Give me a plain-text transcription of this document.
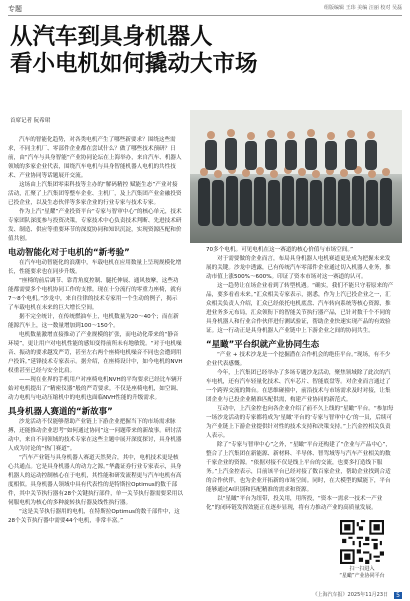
专题	组版编辑 王玮 美编 汪丽 校对 吴磊
从汽车到具身机器人
看小电机如何撬动大市场
首席记者 阮希珺

汽车的智能化趋势，对各类电机产生了哪些新要求？围绕这些需求，不同主机厂、零部件企业都在尝试什么？做了哪些技术预研？日前，由“汽车与具身智能”产业协同论坛在上海举办，来自汽车、机器人领域的多家企业代表，围绕汽车电机与具身智能机器人电机的共性技术、产业协同等话题展开交流。

这场由上汽集团零束科技等主办的“解码精控 赋能生态”产业对接活动，汇聚了上汽集团等整车企业、主机厂，及上汽集团产业金融投资已投企业，以及生态伙伴等多家企业的行业专家与技术专家。

作为上汽“星耀”产业投资平台“专家与智审中心”的核心单元，技术专家团队深度参与投资决策，专家技术中心负责技术判断、先进技术研发、制造、供应等重要环节的深度协同和知识沉淀，实现资源匹配和价值共创。

电动智能化对于电机的“新考验”

在汽车电动智能化的浪潮中，车载电机在应用数量上呈现规模化增长，性能要求也在同步升级。

“座椅的前后调节、靠背角度控制、腿托伸展、通风按摩，这些功能都需要多个电机协同工作的支撑。现在十分流行的零重力座椅，就有7～8个电机。”沙龙中，来自往律的技术专家用一个生动的例子，揭示了车载电机在未来的巨大增长空间。

据不完全统计，在传统燃油车上，电机数量为20～40个；而在新能源汽车上，这一数量增加到100～150个。

电机数量激增直接推动了产业规模的扩张，而电动化带来的“静音环境”，更让用户对电机性能的感知变得前所未有地敏锐。“对于电机噪音、振动的要求越发严苛，甚至左右两个座椅电机噪音不同也会遭到用户投诉。”延锋技术专家表示。据介绍，在座椅设计中，如今电机的NVH权重甚至已经与安全比肩。

——现在业界的手机用户对座椅电机NVH的平均要求已经比车辆开始对电机提出了“精密仪器”般的严苛要求。不仅是座椅电机，如空调、动力电机与电动压缩机中的电机也面临NVH性能的升级需求。

具身机器人赛道的“新故事”

沙龙活动不仅能够帮助产业链上下游企业把握当下的市场需求脉搏，还能推动企业思考“如何通过协同”这一问题带来的新故事。研讨活动中，来自不同领域的技术专家在这些主题中展开深度探讨，具身机器人成为讨论的“热门赛道”。

“汽车产业链与具身机器人赛道天然契合，其中，电机技术更是核心共通点。它是具身机器人的动力之源。”华鑫证券行业专家表示，具身机器人的运动控制核心在于电机，其性能和研发流程更与汽车电机有高度相似。具身机器人领域中具有代表性的是特斯拉Optimus的数千部件，其中关节执行器有28个关键执行部件，单一关节执行器需要采用以伺服电机为核心的多种旋转执行器及线性执行器。

“这是关节执行器用的电机，在特斯拉Optimus的数千部件中，这28个关节执行器中需要44个电机，非常丰富。”

70多个电机。可见电机在这一赛道的核心价值与市场空间。”

对于需要做的企业而言，布局具身机器人电机赛道更是成为把握未来发展的关键。沙龙中透露，已有传统汽车零部件企业通过切入机器人业务，推动市值上涨500%～600%。印证了资本市场对这一赛道的认可。

这一趋势让在场企业看到了转型机遇。“确实，我们不能只守着原来的产品，要多看看未来。”汇众相关专家表示，据悉，作为上汽已投企业之一，汇众相关负责人介绍，汇众已经依托电机底盘、汽车转向系统等核心资源，推进业务多元布局，汇众领衔下的智能关节执行器产品，已针对数千个不同的具身机器人和行业合作伙伴进行测试验证，帮助企业快速实现产品的有效验证。这一行动正是具身机器人产业链中上下游企业之间的协同共生。

“星瞰”平台织就产业协同生态

“产业 + 技术沙龙是一个挖掘潜在合作机会的绝佳平台。”现场，有不少企业代表感慨。

今年，上汽集团已经举办了多场专题沙龙活动，聚焦领域除了此次的汽车电机，还有汽车轻量化技术、汽车芯片、智能底盘等。对企业而言通过了一个跨界交流的舞台。在思维碰撞中，前沿技术与市场需求及时对接，让集团企业与已投企业精准匹配供需，构建产业协同的新范式。

互动中，上汽金控也向各企业介绍了前不久上线的“星瞰”平台。“参加每一场沙龙活动的专家都将成为‘星瞰’平台的‘专家与智审中心’的一员，后续可为产业链上下游企业提供针对性的技术支持和决策支持。”上汽金控相关负责人表示。

除了“专家与智审中心”之外，“星瞰”平台还构建了“企业与产品中心”，整合了上汽集团在新能源、新材料、半导体、智驾域等与汽车产业相关的数千家企业的资源。“依据对接不仅是线上平台的交流，也要多打造线下服务。”上汽金控表示，目前该平台已经对接了数百家企业，帮助企业找到合适的合作伙伴，也为企业开拓新的市场空间。同时，在大模型的赋能下，平台能够通过AI识别和匹配精准的需求和资源。

以“星瞰”平台为纽带，投关用，用所投，“资本一需求一技术一产业化”的闭环链发挥效能正在逐步显现，将有力推动产业的高质量发展。

扫一扫进入
“星瞰”产业协同平台
《上海汽车报》2025年11月23日	5
